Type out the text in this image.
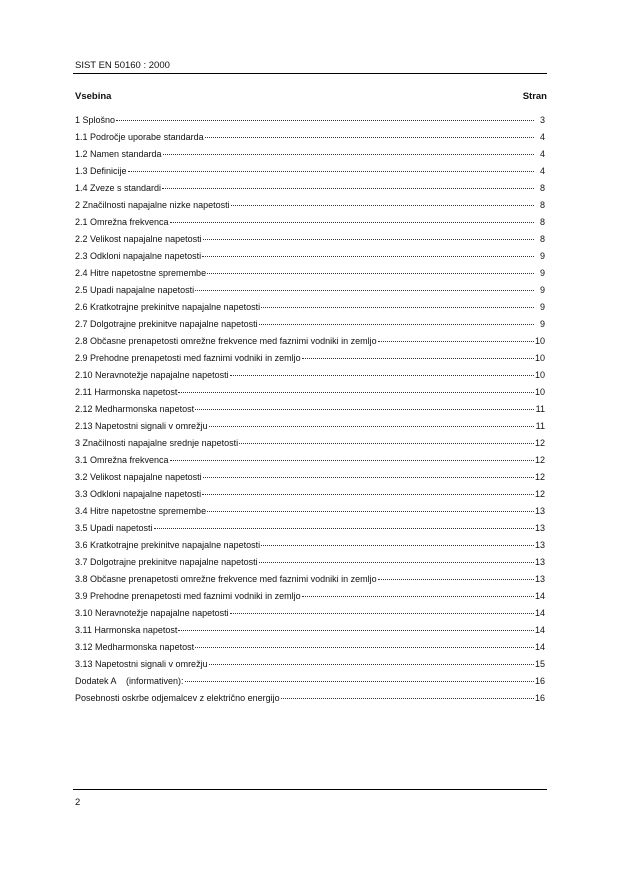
SIST EN 50160 : 2000
Vsebina	Stran
1 Splošno	3
1.1 Področje uporabe standarda	4
1.2 Namen standarda	4
1.3 Definicije	4
1.4 Zveze s standardi	8
2 Značilnosti napajalne nizke napetosti	8
2.1 Omrežna frekvenca	8
2.2 Velikost napajalne napetosti	8
2.3 Odkloni napajalne napetosti	9
2.4 Hitre napetostne spremembe	9
2.5 Upadi napajalne napetosti	9
2.6 Kratkotrajne prekinitve napajalne napetosti	9
2.7 Dolgotrajne prekinitve napajalne napetosti	9
2.8 Občasne prenapetosti omrežne frekvence med faznimi vodniki in zemljo	10
2.9 Prehodne prenapetosti med faznimi vodniki in zemljo	10
2.10 Neravnotežje napajalne napetosti	10
2.11 Harmonska napetost	10
2.12 Medharmonska napetost	11
2.13 Napetostni signali v omrežju	11
3 Značilnosti napajalne srednje napetosti	12
3.1 Omrežna frekvenca	12
3.2 Velikost napajalne napetosti	12
3.3 Odkloni napajalne napetosti	12
3.4 Hitre napetostne spremembe	13
3.5 Upadi napetosti	13
3.6 Kratkotrajne prekinitve napajalne napetosti	13
3.7 Dolgotrajne prekinitve napajalne napetosti	13
3.8 Občasne prenapetosti omrežne frekvence med faznimi vodniki in zemljo	13
3.9 Prehodne prenapetosti med faznimi vodniki in zemljo	14
3.10 Neravnotežje napajalne napetosti	14
3.11 Harmonska napetost	14
3.12 Medharmonska napetost	14
3.13 Napetostni signali v omrežju	15
Dodatek A    (informativen):	16
Posebnosti oskrbe odjemalcev z električno energijo	16
2
